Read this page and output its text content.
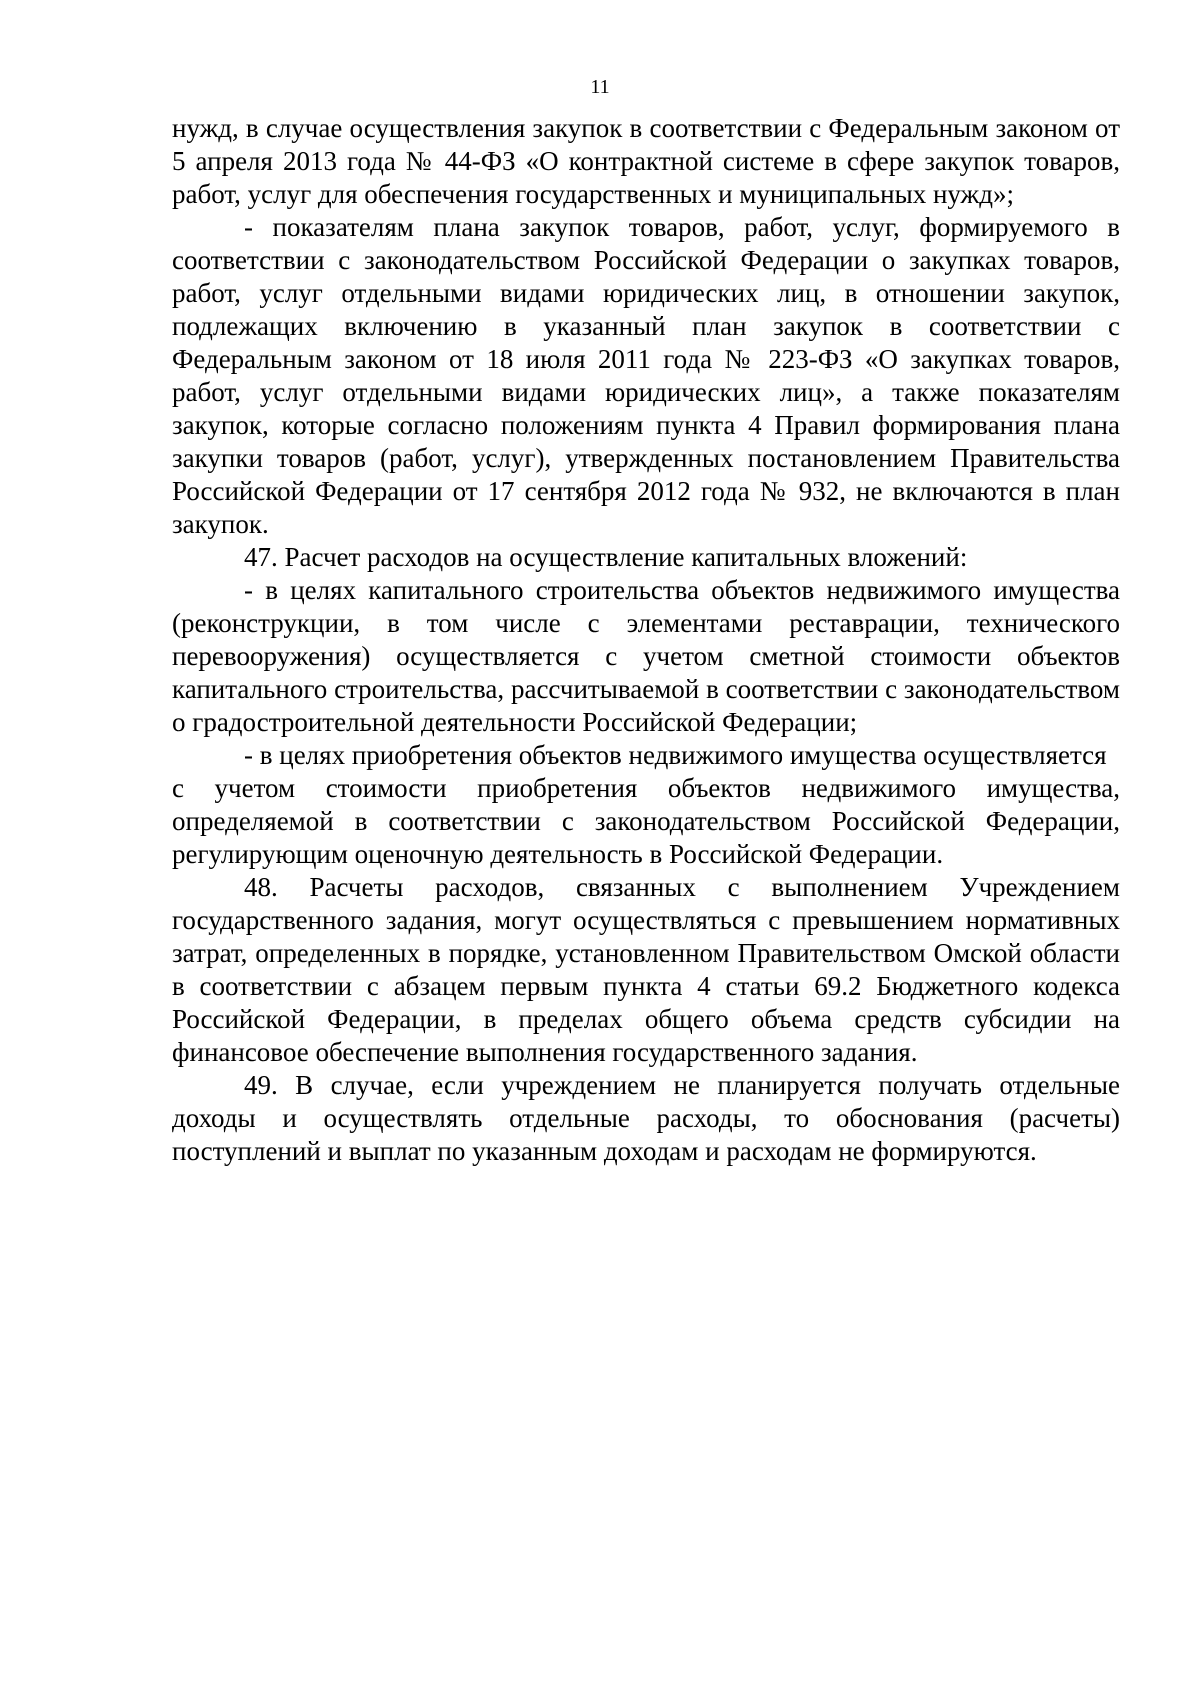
11

нужд, в случае осуществления закупок в соответствии с Федеральным законом от 5 апреля 2013 года № 44-ФЗ «О контрактной системе в сфере закупок товаров, работ, услуг для обеспечения государственных и муниципальных нужд»;

- показателям плана закупок товаров, работ, услуг, формируемого в соответствии с законодательством Российской Федерации о закупках товаров, работ, услуг отдельными видами юридических лиц, в отношении закупок, подлежащих включению в указанный план закупок в соответствии с Федеральным законом от 18 июля 2011 года № 223-ФЗ «О закупках товаров, работ, услуг отдельными видами юридических лиц», а также показателям закупок, которые согласно положениям пункта 4 Правил формирования плана закупки товаров (работ, услуг), утвержденных постановлением Правительства Российской Федерации от 17 сентября 2012 года № 932, не включаются в план закупок.

47. Расчет расходов на осуществление капитальных вложений:

- в целях капитального строительства объектов недвижимого имущества (реконструкции, в том числе с элементами реставрации, технического перевооружения) осуществляется с учетом сметной стоимости объектов капитального строительства, рассчитываемой в соответствии с законодательством о градостроительной деятельности Российской Федерации;

- в целях приобретения объектов недвижимого имущества осуществляется

с учетом стоимости приобретения объектов недвижимого имущества, определяемой в соответствии с законодательством Российской Федерации, регулирующим оценочную деятельность в Российской Федерации.

48. Расчеты расходов, связанных с выполнением Учреждением государственного задания, могут осуществляться с превышением нормативных затрат, определенных в порядке, установленном Правительством Омской области в соответствии с абзацем первым пункта 4 статьи 69.2 Бюджетного кодекса Российской Федерации, в пределах общего объема средств субсидии на финансовое обеспечение выполнения государственного задания.

49. В случае, если учреждением не планируется получать отдельные доходы и осуществлять отдельные расходы, то обоснования (расчеты) поступлений и выплат по указанным доходам и расходам не формируются.
